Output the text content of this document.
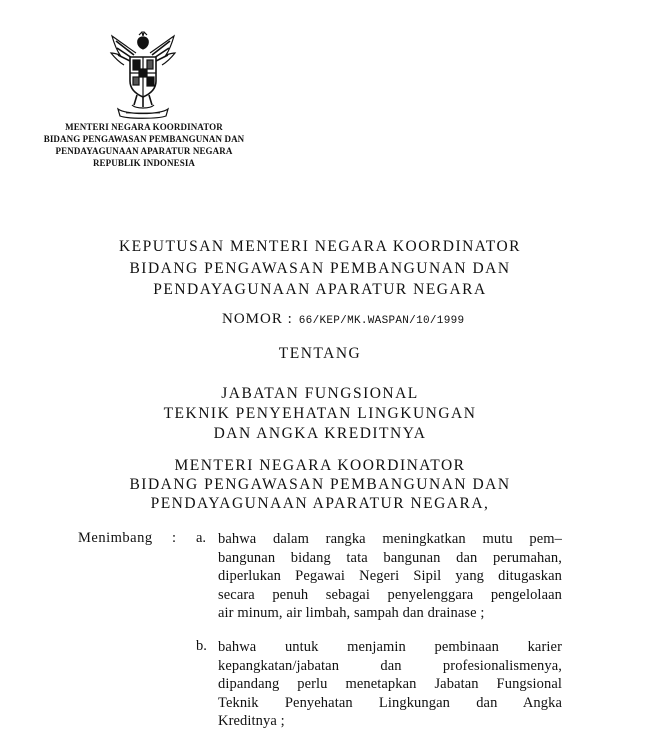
MENTERI NEGARA KOORDINATOR
BIDANG PENGAWASAN PEMBANGUNAN DAN
PENDAYAGUNAAN APARATUR NEGARA
REPUBLIK INDONESIA
KEPUTUSAN MENTERI NEGARA KOORDINATOR
BIDANG PENGAWASAN PEMBANGUNAN DAN
PENDAYAGUNAAN APARATUR NEGARA
NOMOR : 66/KEP/MK.WASPAN/10/1999
TENTANG
JABATAN FUNGSIONAL
TEKNIK PENYEHATAN LINGKUNGAN
DAN ANGKA KREDITNYA
MENTERI NEGARA KOORDINATOR
BIDANG PENGAWASAN PEMBANGUNAN DAN
PENDAYAGUNAAN APARATUR NEGARA,
Menimbang : a. bahwa dalam rangka meningkatkan mutu pem–
bangunan bidang tata bangunan dan perumahan,
diperlukan Pegawai Negeri Sipil yang ditugaskan
secara penuh sebagai penyelenggara pengelolaan
air minum, air limbah, sampah dan drainase ;
b. bahwa untuk menjamin pembinaan karier
kepangkatan/jabatan dan profesionalismenya,
dipandang perlu menetapkan Jabatan Fungsional
Teknik Penyehatan Lingkungan dan Angka
Kreditnya ;
